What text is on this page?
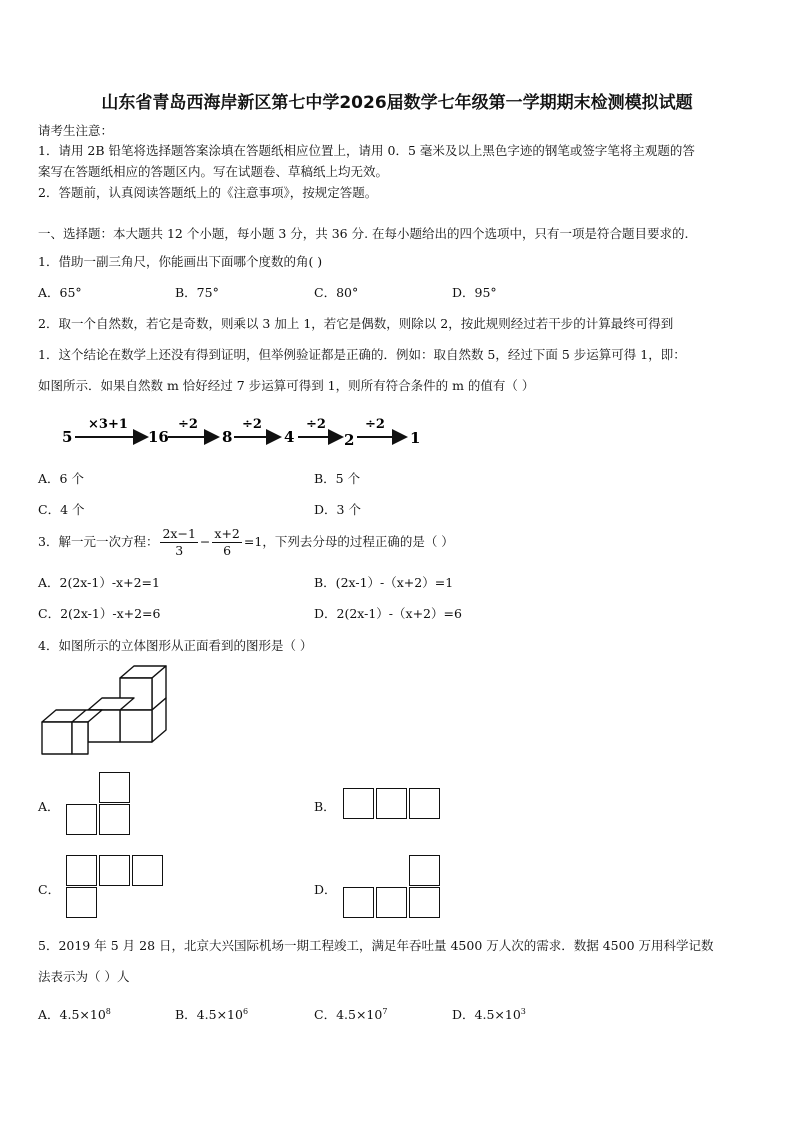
山东省青岛西海岸新区第七中学2026届数学七年级第一学期期末检测模拟试题
请考生注意：
1．请用 2B 铅笔将选择题答案涂填在答题纸相应位置上，请用 0．5 毫米及以上黑色字迹的钢笔或签字笔将主观题的答
案写在答题纸相应的答题区内。写在试题卷、草稿纸上均无效。
2．答题前，认真阅读答题纸上的《注意事项》，按规定答题。
一、选择题：本大题共 12 个小题，每小题 3 分，共 36 分. 在每小题给出的四个选项中，只有一项是符合题目要求的.
1．借助一副三角尺，你能画出下面哪个度数的角( )
A．65°	B．75°	C．80°	D．95°
2．取一个自然数，若它是奇数，则乘以 3 加上 1，若它是偶数，则除以 2，按此规则经过若干步的计算最终可得到
1．这个结论在数学上还没有得到证明，但举例验证都是正确的．例如：取自然数 5，经过下面 5 步运算可得 1，即：
如图所示．如果自然数 m 恰好经过 7 步运算可得到 1，则所有符合条件的 m 的值有（ ）
5
×3+1
16
÷2
8
÷2
4
÷2
2
÷2
1
A．6 个	B．5 个
C．4 个	D．3 个
3．解一元一次方程： $\frac{2x-1}{3} - \frac{x+2}{6} =1$，下列去分母的过程正确的是（ ）
A．2(2x-1）-x+2=1	B．(2x-1）-（x+2）=1
C．2(2x-1）-x+2=6	D．2(2x-1）-（x+2）=6
4．如图所示的立体图形从正面看到的图形是（ ）
A．	B．
C．	D．
5．2019 年 5 月 28 日，北京大兴国际机场一期工程竣工，满足年吞吐量 4500 万人次的需求．数据 4500 万用科学记数
法表示为（ ）人
A．$4.5\times 10^8$	B．$4.5\times 10^6$	C．$4.5\times 10^7$	D．$4.5\times 10^3$
